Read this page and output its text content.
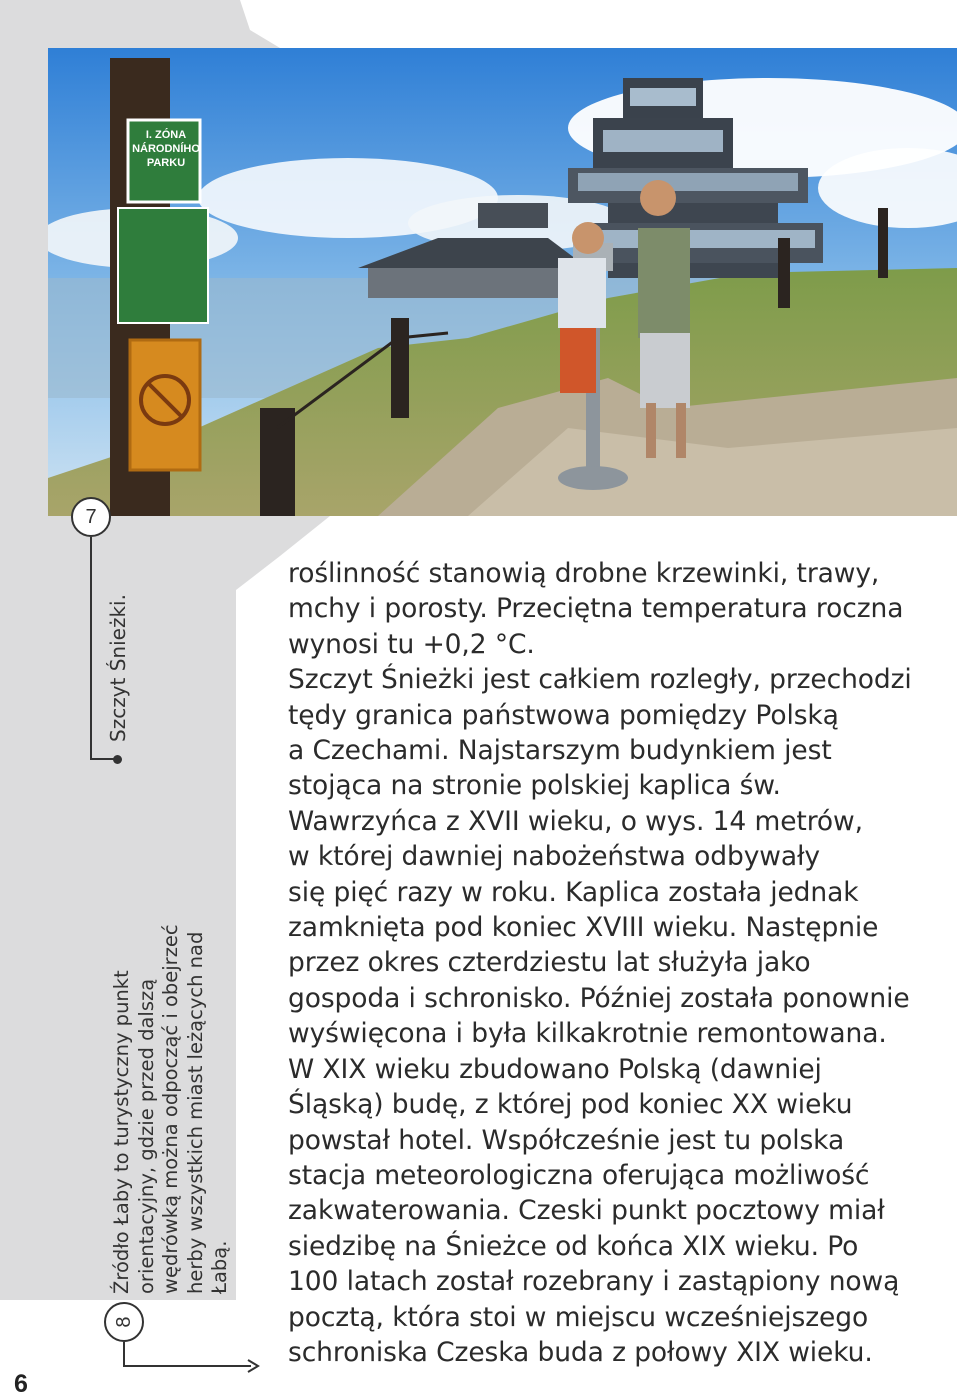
I. ZÓNA
NÁRODNÍHO
PARKU
7
Szczyt Śnieżki.
Źródło Łaby to turystyczny punkt
orientacyjny, gdzie przed dalszą
wędrówką można odpocząć i obejrzeć
herby wszystkich miast leżących nad
Łabą.
8

roślinność stanowią drobne krzewinki, trawy,
mchy i porosty. Przeciętna temperatura roczna
wynosi tu +0,2 °C.
Szczyt Śnieżki jest całkiem rozległy, przechodzi
tędy granica państwowa pomiędzy Polską
a Czechami. Najstarszym budynkiem jest
stojąca na stronie polskiej kaplica św.
Wawrzyńca z XVII wieku, o wys. 14 metrów,
w której dawniej nabożeństwa odbywały
się pięć razy w roku. Kaplica została jednak
zamknięta pod koniec XVIII wieku. Następnie
przez okres czterdziestu lat służyła jako
gospoda i schronisko. Później została ponownie
wyświęcona i była kilkakrotnie remontowana.
W XIX wieku zbudowano Polską (dawniej
Śląską) budę, z której pod koniec XX wieku
powstał hotel. Współcześnie jest tu polska
stacja meteorologiczna oferująca możliwość
zakwaterowania. Czeski punkt pocztowy miał
siedzibę na Śnieżce od końca XIX wieku. Po
100 latach został rozebrany i zastąpiony nową
pocztą, która stoi w miejscu wcześniejszego
schroniska Czeska buda z połowy XIX wieku.

6
